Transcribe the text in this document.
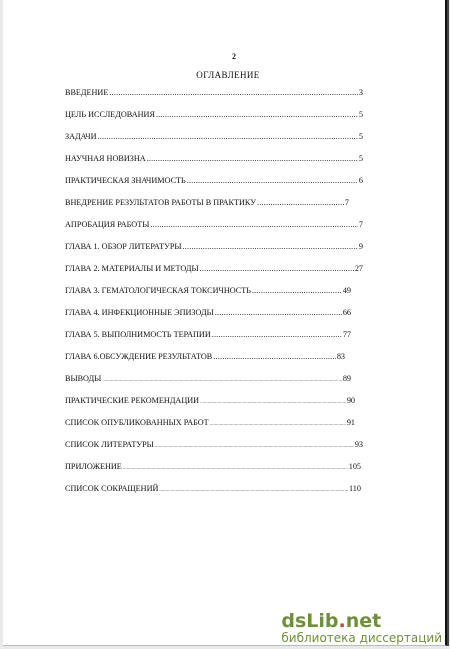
2
ОГЛАВЛЕНИЕ
ВВЕДЕНИЕ .....	3
ЦЕЛЬ ИССЛЕДОВАНИЯ .....	5
ЗАДАЧИ .....	5
НАУЧНАЯ НОВИЗНА .....	5
ПРАКТИЧЕСКАЯ ЗНАЧИМОСТЬ .....	6
ВНЕДРЕНИЕ РЕЗУЛЬТАТОВ РАБОТЫ В ПРАКТИКУ .....	7
АПРОБАЦИЯ РАБОТЫ .....	7
ГЛАВА 1. ОБЗОР ЛИТЕРАТУРЫ .....	9
ГЛАВА 2. МАТЕРИАЛЫ И МЕТОДЫ .....	27
ГЛАВА 3. ГЕМАТОЛОГИЧЕСКАЯ ТОКСИЧНОСТЬ .....	49
ГЛАВА 4. ИНФЕКЦИОННЫЕ ЭПИЗОДЫ .....	66
ГЛАВА 5. ВЫПОЛНИМОСТЬ ТЕРАПИИ .....	77
ГЛАВА 6.ОБСУЖДЕНИЕ РЕЗУЛЬТАТОВ .....	83
ВЫВОДЫ .....	89
ПРАКТИЧЕСКИЕ РЕКОМЕНДАЦИИ .....	90
СПИСОК ОПУБЛИКОВАННЫХ РАБОТ .....	91
СПИСОК ЛИТЕРАТУРЫ .....	93
ПРИЛОЖЕНИЕ .....	105
СПИСОК СОКРАЩЕНИЙ .....	110
dsLib.net
библиотека диссертаций
